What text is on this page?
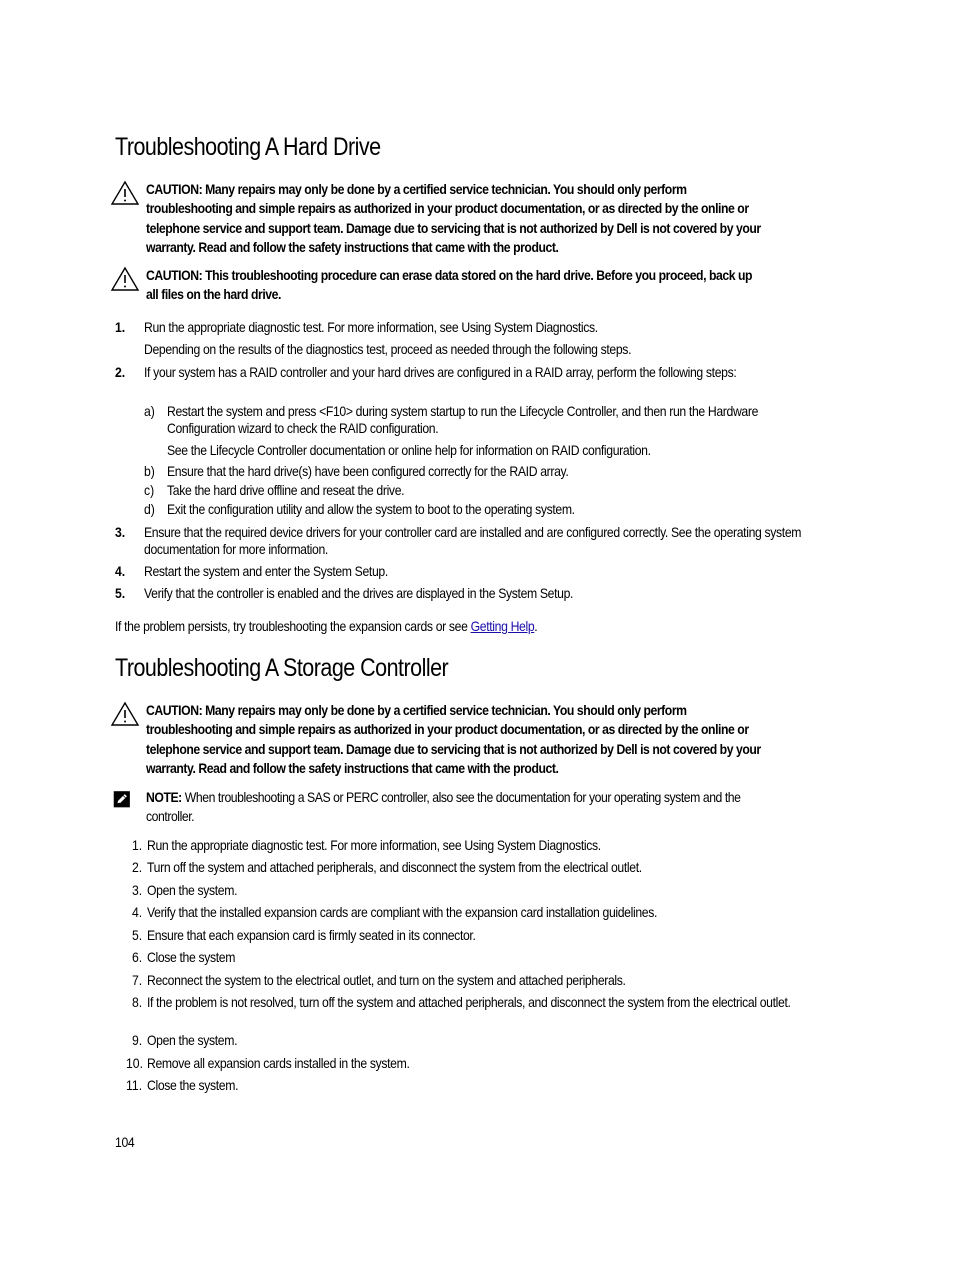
Troubleshooting A Hard Drive
CAUTION: Many repairs may only be done by a certified service technician. You should only perform troubleshooting and simple repairs as authorized in your product documentation, or as directed by the online or telephone service and support team. Damage due to servicing that is not authorized by Dell is not covered by your warranty. Read and follow the safety instructions that came with the product.
CAUTION: This troubleshooting procedure can erase data stored on the hard drive. Before you proceed, back up all files on the hard drive.
1. Run the appropriate diagnostic test. For more information, see Using System Diagnostics.
Depending on the results of the diagnostics test, proceed as needed through the following steps.
2. If your system has a RAID controller and your hard drives are configured in a RAID array, perform the following steps:
a) Restart the system and press <F10> during system startup to run the Lifecycle Controller, and then run the Hardware Configuration wizard to check the RAID configuration.
See the Lifecycle Controller documentation or online help for information on RAID configuration.
b) Ensure that the hard drive(s) have been configured correctly for the RAID array.
c) Take the hard drive offline and reseat the drive.
d) Exit the configuration utility and allow the system to boot to the operating system.
3. Ensure that the required device drivers for your controller card are installed and are configured correctly. See the operating system documentation for more information.
4. Restart the system and enter the System Setup.
5. Verify that the controller is enabled and the drives are displayed in the System Setup.
If the problem persists, try troubleshooting the expansion cards or see Getting Help.
Troubleshooting A Storage Controller
CAUTION: Many repairs may only be done by a certified service technician. You should only perform troubleshooting and simple repairs as authorized in your product documentation, or as directed by the online or telephone service and support team. Damage due to servicing that is not authorized by Dell is not covered by your warranty. Read and follow the safety instructions that came with the product.
NOTE: When troubleshooting a SAS or PERC controller, also see the documentation for your operating system and the controller.
1. Run the appropriate diagnostic test. For more information, see Using System Diagnostics.
2. Turn off the system and attached peripherals, and disconnect the system from the electrical outlet.
3. Open the system.
4. Verify that the installed expansion cards are compliant with the expansion card installation guidelines.
5. Ensure that each expansion card is firmly seated in its connector.
6. Close the system
7. Reconnect the system to the electrical outlet, and turn on the system and attached peripherals.
8. If the problem is not resolved, turn off the system and attached peripherals, and disconnect the system from the electrical outlet.
9. Open the system.
10. Remove all expansion cards installed in the system.
11. Close the system.
104
